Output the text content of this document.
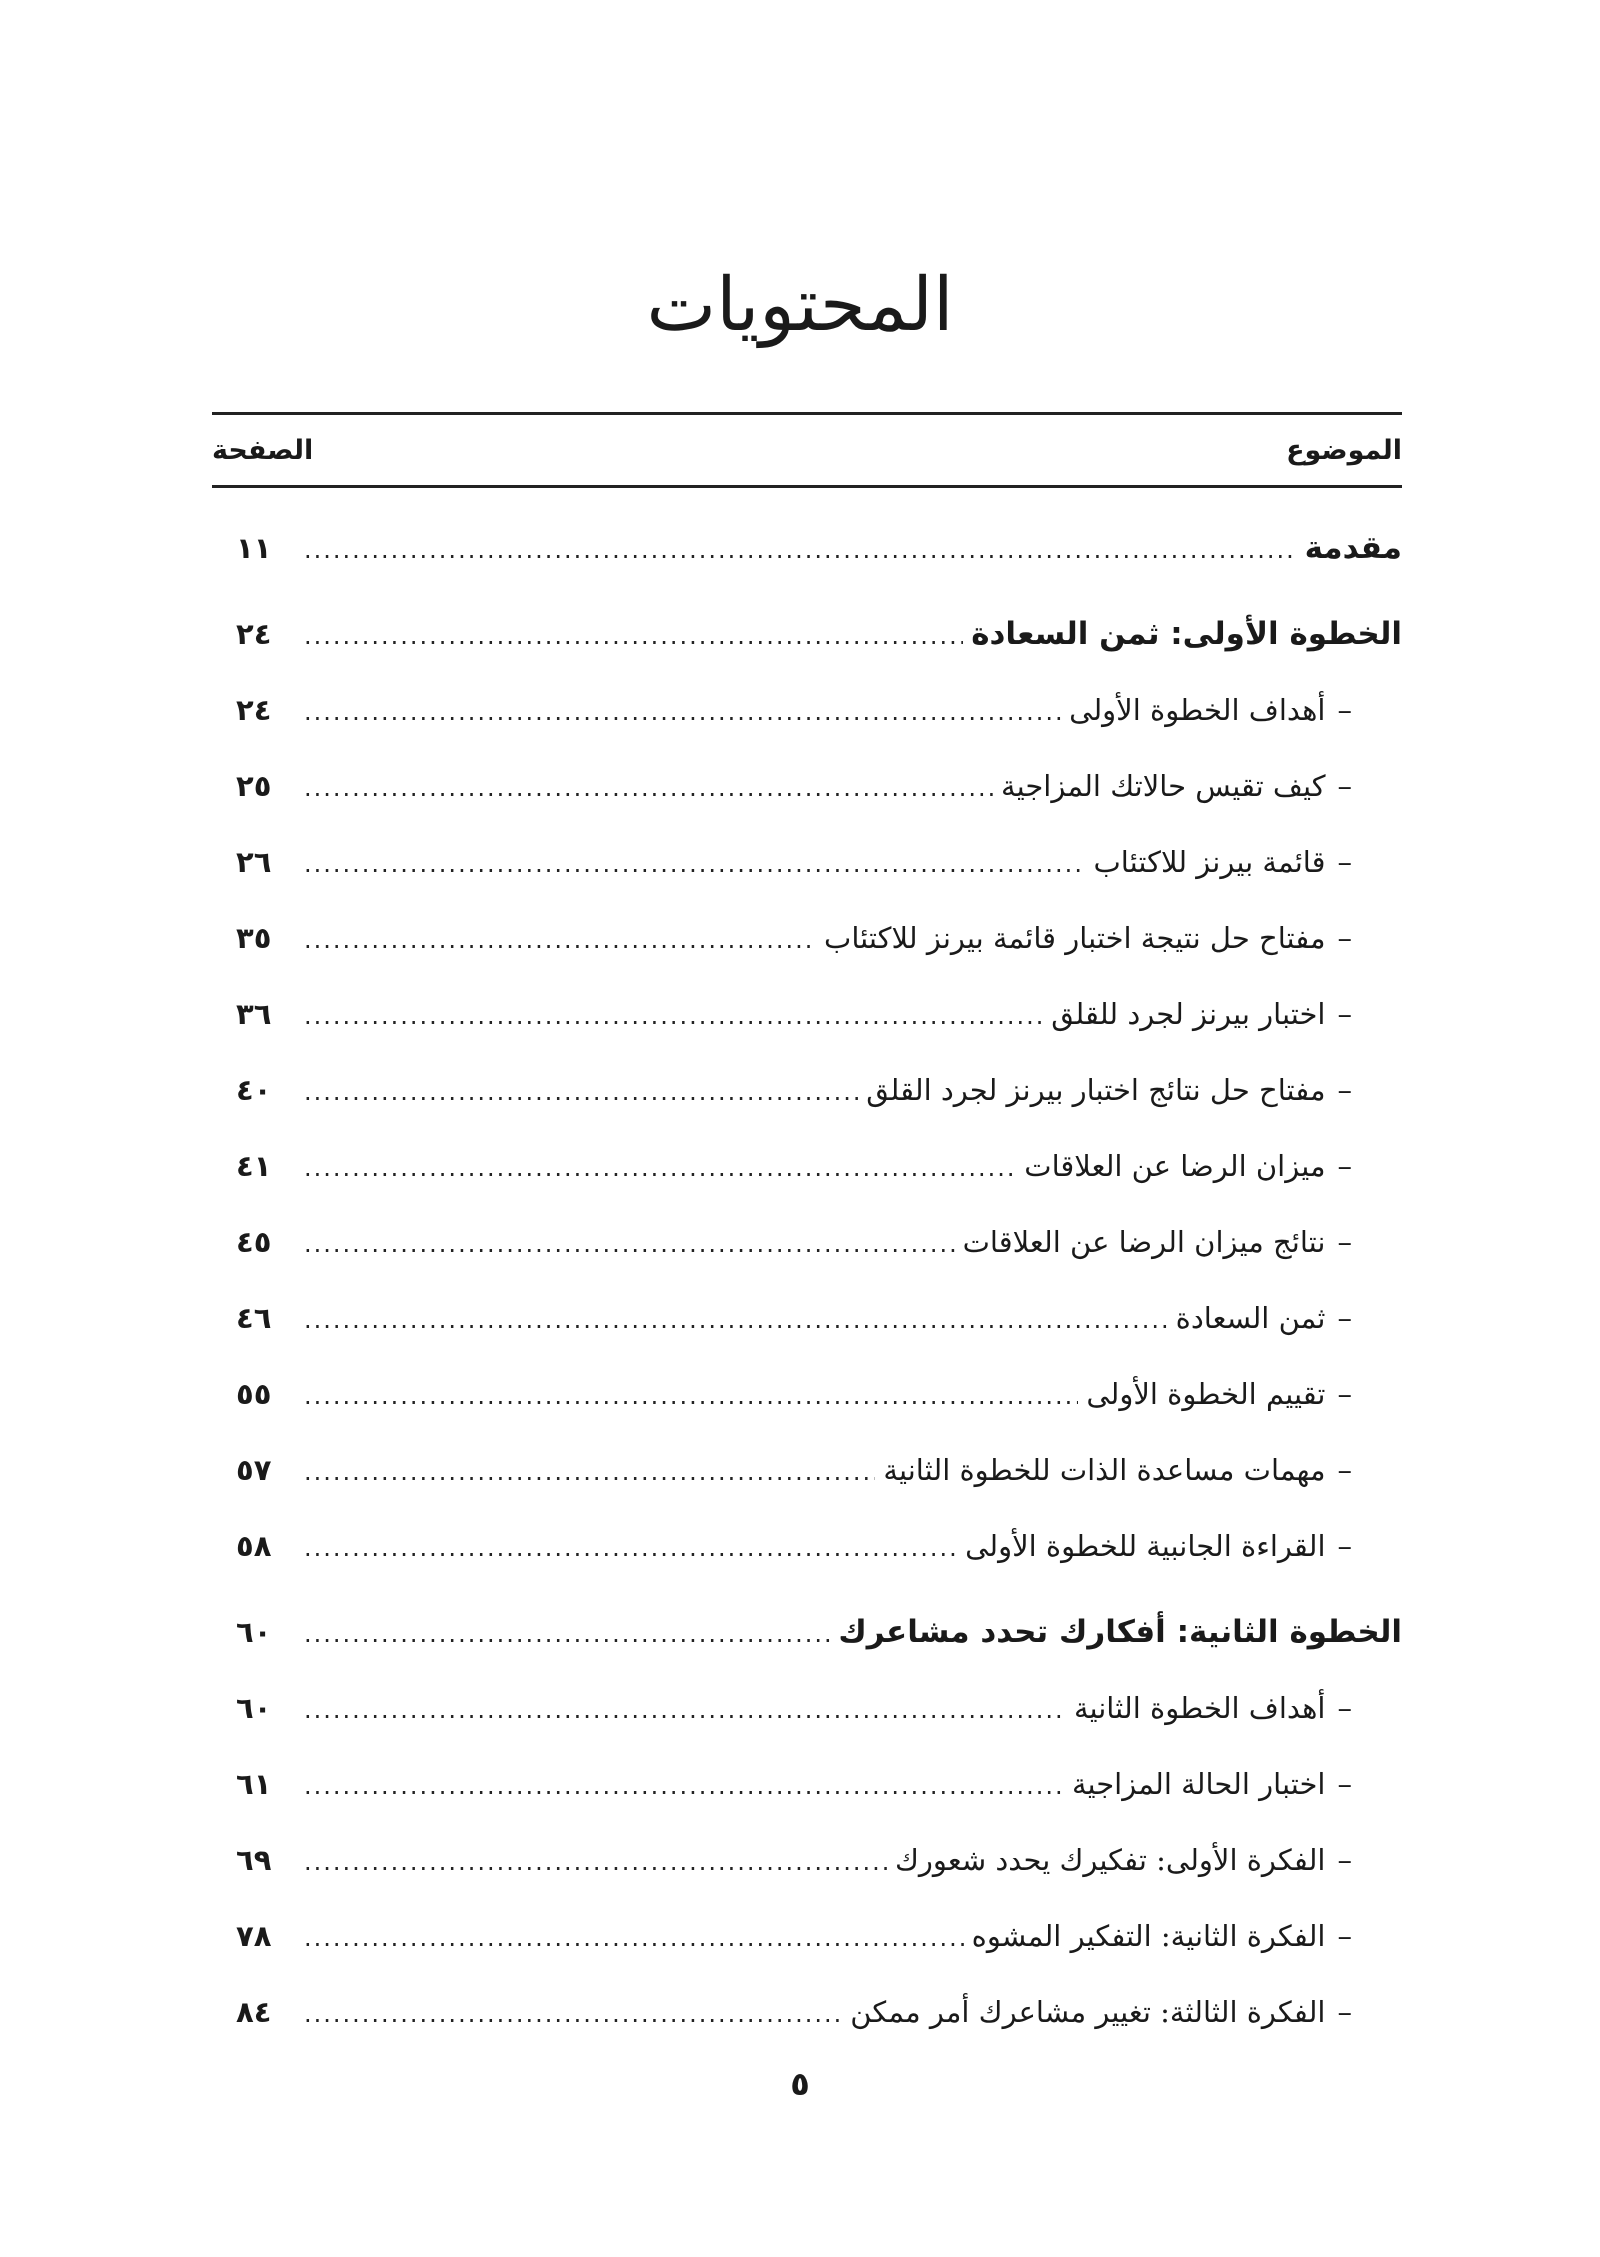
المحتويات
الموضوع
الصفحة
مقدمة
.....
١١
الخطوة الأولى: ثمن السعادة
.....
٢٤
–أهداف الخطوة الأولى
.....
٢٤
–كيف تقيس حالاتك المزاجية
.....
٢٥
–قائمة بيرنز للاكتئاب
.....
٢٦
–مفتاح حل نتيجة اختبار قائمة بيرنز للاكتئاب
.....
٣٥
–اختبار بيرنز لجرد للقلق
.....
٣٦
–مفتاح حل نتائج اختبار بيرنز لجرد القلق
.....
٤٠
–ميزان الرضا عن العلاقات
.....
٤١
–نتائج ميزان الرضا عن العلاقات
.....
٤٥
–ثمن السعادة
.....
٤٦
–تقييم الخطوة الأولى
.....
٥٥
–مهمات مساعدة الذات للخطوة الثانية
.....
٥٧
–القراءة الجانبية للخطوة الأولى
.....
٥٨
الخطوة الثانية: أفكارك تحدد مشاعرك
.....
٦٠
–أهداف الخطوة الثانية
.....
٦٠
–اختبار الحالة المزاجية
.....
٦١
–الفكرة الأولى: تفكيرك يحدد شعورك
.....
٦٩
–الفكرة الثانية: التفكير المشوه
.....
٧٨
–الفكرة الثالثة: تغيير مشاعرك أمر ممكن
.....
٨٤
٥
